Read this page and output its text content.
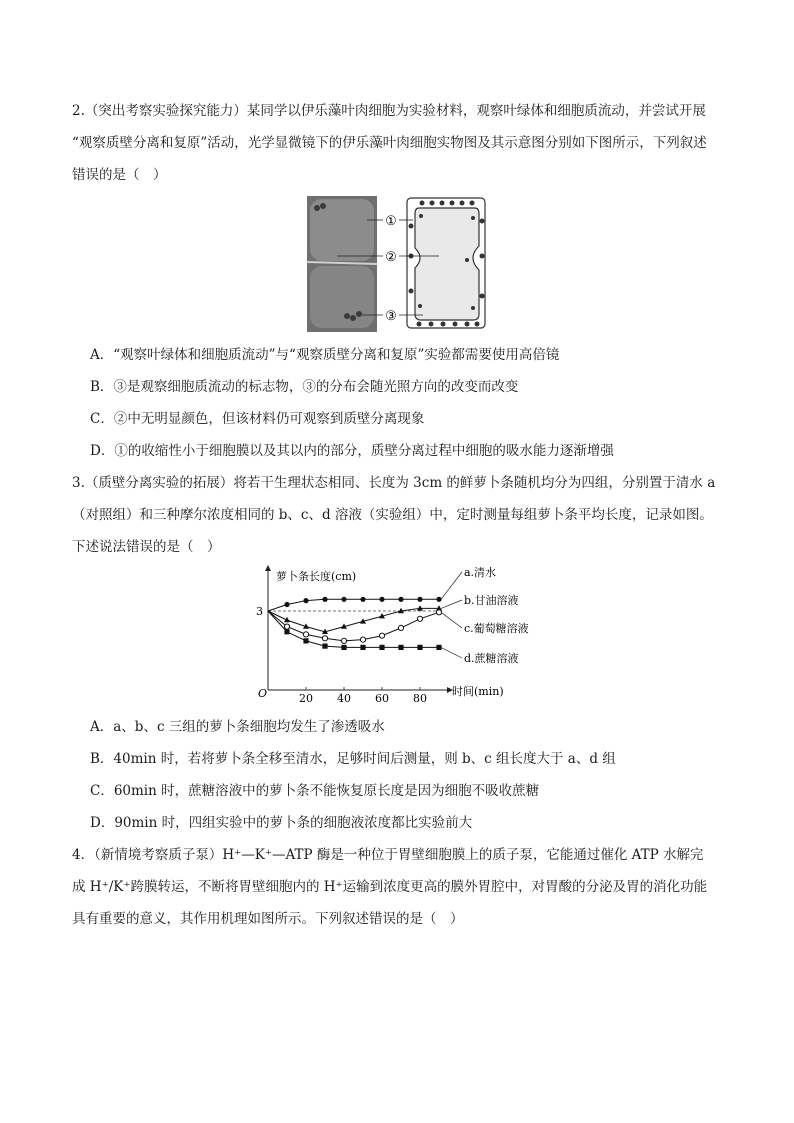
2.（突出考察实验探究能力）某同学以伊乐藻叶肉细胞为实验材料，观察叶绿体和细胞质流动，并尝试开展
“观察质壁分离和复原”活动，光学显微镜下的伊乐藻叶肉细胞实物图及其示意图分别如下图所示，下列叙述
错误的是（　）
①
②
③
A．“观察叶绿体和细胞质流动”与“观察质壁分离和复原”实验都需要使用高倍镜
B．③是观察细胞质流动的标志物，③的分布会随光照方向的改变而改变
C．②中无明显颜色，但该材料仍可观察到质壁分离现象
D．①的收缩性小于细胞膜以及其以内的部分，质壁分离过程中细胞的吸水能力逐渐增强
3.（质壁分离实验的拓展）将若干生理状态相同、长度为 3cm 的鲜萝卜条随机均分为四组，分别置于清水 a
（对照组）和三种摩尔浓度相同的 b、c、d 溶液（实验组）中，定时测量每组萝卜条平均长度，记录如图。
下述说法错误的是（　）
萝卜条长度(cm)
时间(min)
O
3
20 40 60 80
a.清水
b.甘油溶液
c.葡萄糖溶液
d.蔗糖溶液
A．a、b、c 三组的萝卜条细胞均发生了渗透吸水
B．40min 时，若将萝卜条全移至清水，足够时间后测量，则 b、c 组长度大于 a、d 组
C．60min 时，蔗糖溶液中的萝卜条不能恢复原长度是因为细胞不吸收蔗糖
D．90min 时，四组实验中的萝卜条的细胞液浓度都比实验前大
4．（新情境考察质子泵）H⁺—K⁺—ATP 酶是一种位于胃壁细胞膜上的质子泵，它能通过催化 ATP 水解完
成 H⁺/K⁺跨膜转运，不断将胃壁细胞内的 H⁺运输到浓度更高的膜外胃腔中，对胃酸的分泌及胃的消化功能
具有重要的意义，其作用机理如图所示。下列叙述错误的是（　）
